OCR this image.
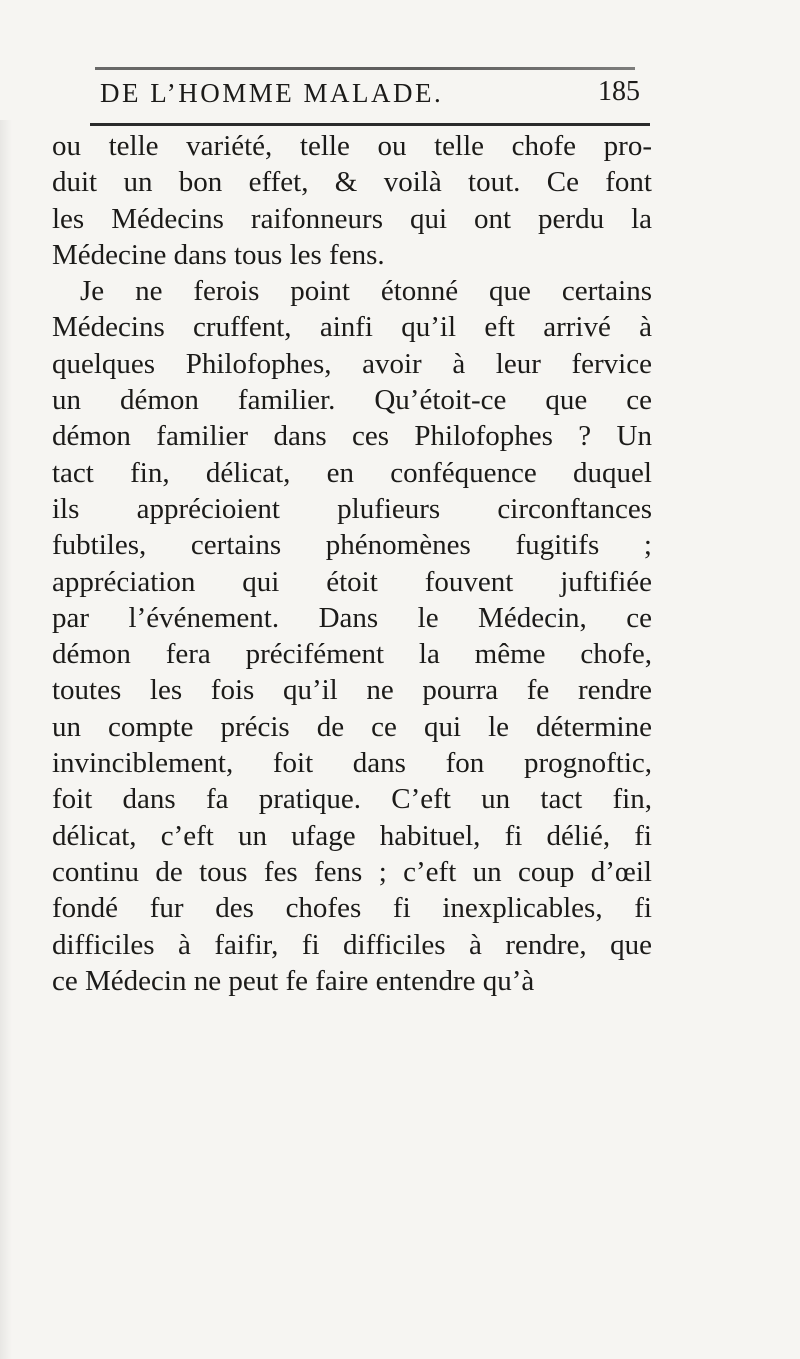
DE L’HOMME MALADE.	185
ou telle variété, telle ou telle chofe pro-
duit un bon effet, & voilà tout. Ce font
les Médecins raifonneurs qui ont perdu la
Médecine dans tous les fens.
Je ne ferois point étonné que certains
Médecins cruffent, ainfi qu’il eft arrivé à
quelques Philofophes, avoir à leur fervice
un démon familier. Qu’étoit-ce que ce
démon familier dans ces Philofophes ? Un
tact fin, délicat, en conféquence duquel
ils apprécioient plufieurs circonftances
fubtiles, certains phénomènes fugitifs ;
appréciation qui étoit fouvent juftifiée
par l’événement. Dans le Médecin, ce
démon fera précifément la même chofe,
toutes les fois qu’il ne pourra fe rendre
un compte précis de ce qui le détermine
invinciblement, foit dans fon prognoftic,
foit dans fa pratique. C’eft un tact fin,
délicat, c’eft un ufage habituel, fi délié, fi
continu de tous fes fens ; c’eft un coup d’œil
fondé fur des chofes fi inexplicables, fi
difficiles à faifir, fi difficiles à rendre, que
ce Médecin ne peut fe faire entendre qu’à
